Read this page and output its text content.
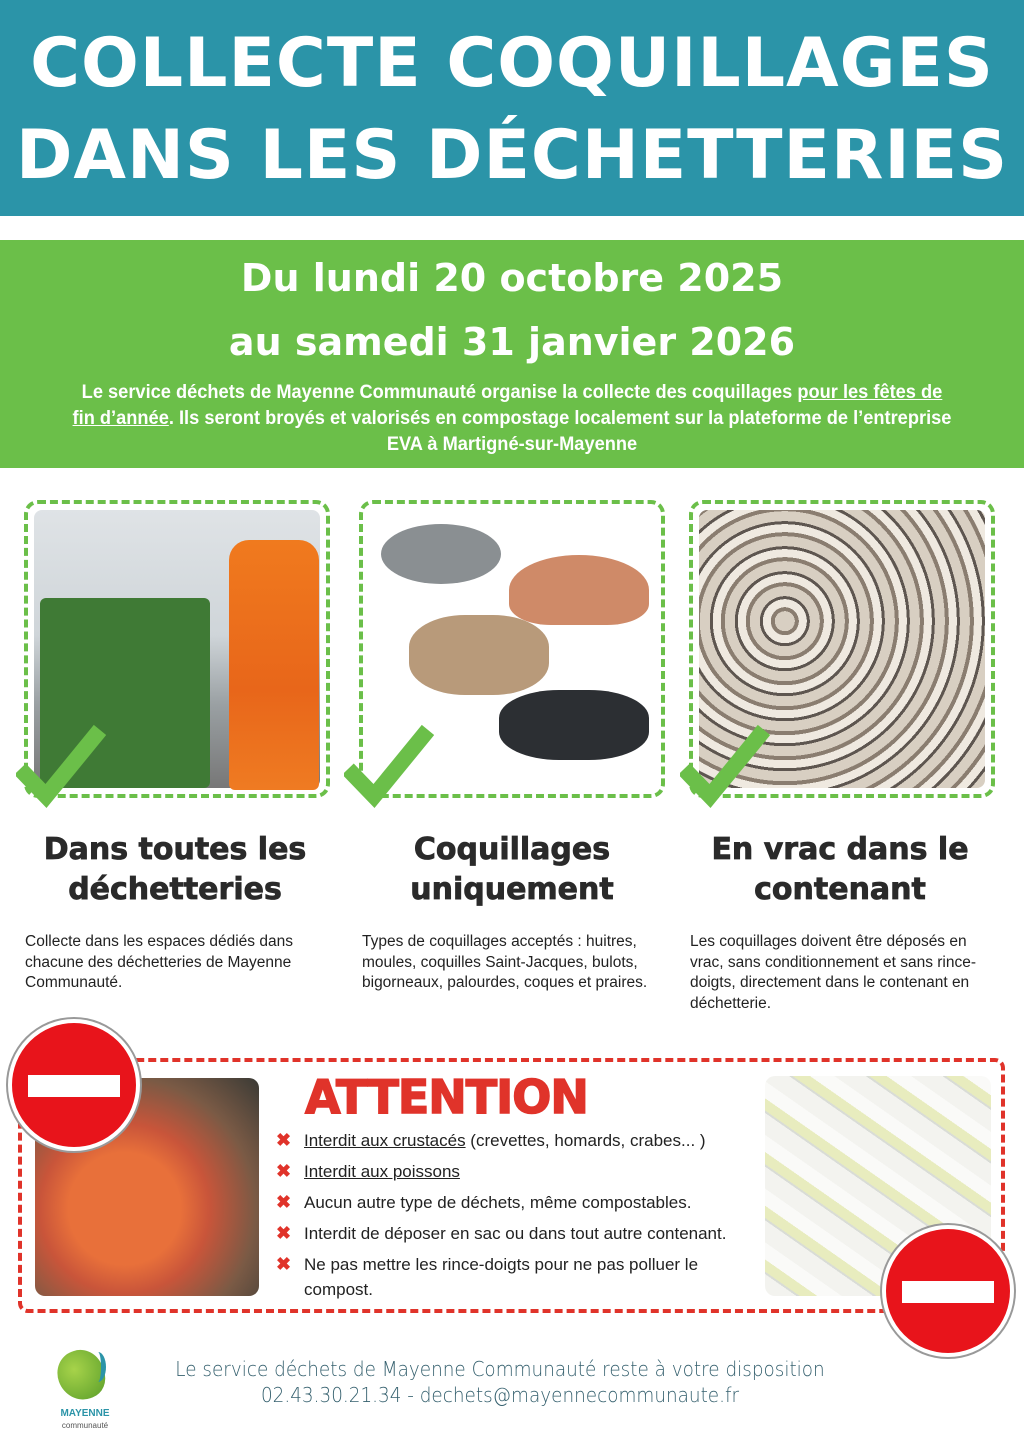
COLLECTE COQUILLAGES
DANS LES DÉCHETTERIES
Du lundi 20 octobre 2025
au samedi 31 janvier 2026
Le service déchets de Mayenne Communauté organise la collecte des coquillages pour les fêtes de fin d’année. Ils seront broyés et valorisés en compostage localement sur la plateforme de l’entreprise EVA à Martigné-sur-Mayenne
Dans toutes les
déchetteries
Coquillages
uniquement
En vrac dans le
contenant
Collecte dans les espaces dédiés dans chacune des déchetteries de Mayenne Communauté.
Types de coquillages acceptés : huitres, moules, coquilles Saint-Jacques, bulots, bigorneaux, palourdes, coques et praires.
Les coquillages doivent être déposés en vrac, sans conditionnement et sans rince-doigts, directement dans le contenant en déchetterie.
ATTENTION
✖ Interdit aux crustacés (crevettes, homards, crabes... )
✖ Interdit aux poissons
✖ Aucun autre type de déchets, même compostables.
✖ Interdit de déposer en sac ou dans tout autre contenant.
✖ Ne pas mettre les rince-doigts pour ne pas polluer le compost.
MAYENNE
communauté
Le service déchets de Mayenne Communauté reste à votre disposition
02.43.30.21.34 - dechets@mayennecommunaute.fr
